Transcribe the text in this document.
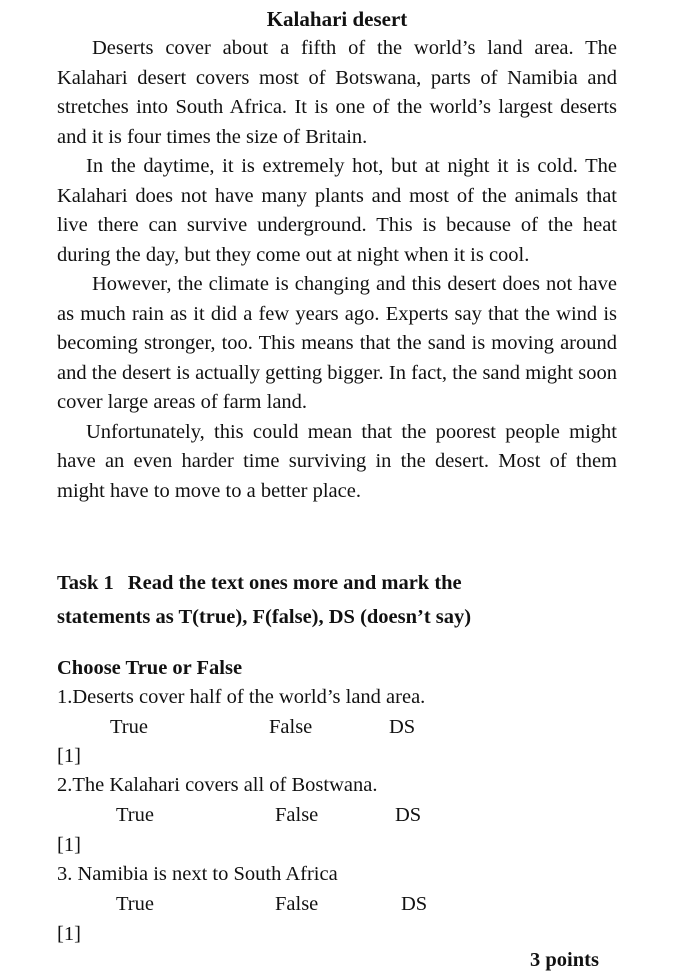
Kalahari desert

Deserts cover about a fifth of the world’s land area. The Kalahari desert covers most of Botswana, parts of Namibia and stretches into South Africa. It is one of the world’s largest deserts and it is four times the size of Britain.

In the daytime, it is extremely hot, but at night it is cold. The Kalahari does not have many plants and most of the animals that live there can survive underground. This is because of the heat during the day, but they come out at night when it is cool.

However, the climate is changing and this desert does not have as much rain as it did a few years ago. Experts say that the wind is becoming stronger, too. This means that the sand is moving around and the desert is actually getting bigger. In fact, the sand might soon cover large areas of farm land.

Unfortunately, this could mean that the poorest people might have an even harder time surviving in the desert. Most of them might have to move to a better place.

Task 1 Read the text ones more and mark the
statements as T(true), F(false), DS (doesn’t say)
Choose True or False
1.Deserts cover half of the world’s land area.
True	False	DS
[1]
2.The Kalahari covers all of Bostwana.
True	False	DS
[1]
3. Namibia is next to South Africa
True	False	DS
[1]
3 points
